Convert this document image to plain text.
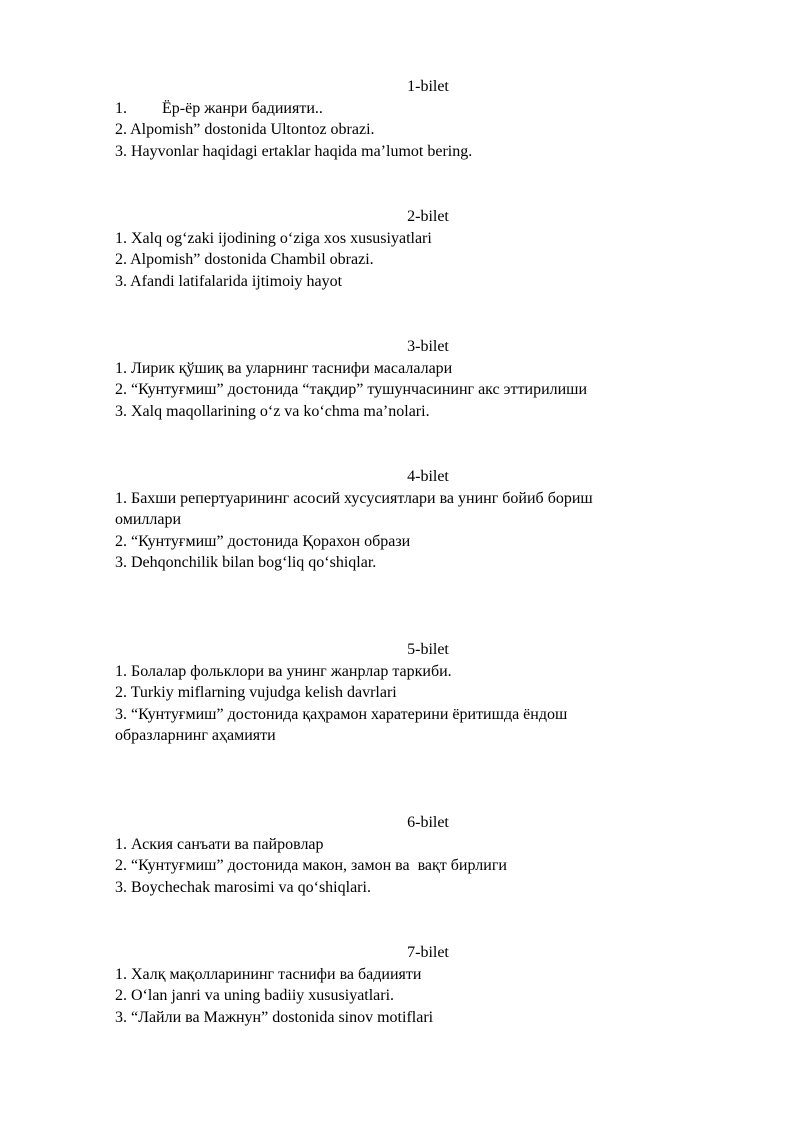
1-bilet

1. Ёр-ёр жанри бадиияти..

2. Alpomish” dostonida Ultontoz obrazi.

3. Hayvonlar haqidagi ertaklar haqida ma’lumot bering.

2-bilet

1. Xalq og‘zaki ijodining o‘ziga xos xususiyatlari

2. Alpomish” dostonida Chambil obrazi.

3. Afandi latifalarida ijtimoiy hayot

3-bilet

1. Лирик қўшиқ ва уларнинг таснифи масалалари

2. “Кунтуғмиш” достонида “тақдир” тушунчасининг акс эттирилиши

3. Xalq maqollarining o‘z va ko‘chma ma’nolari.

4-bilet

1. Бахши репертуарининг асосий хусусиятлари ва унинг бойиб бориш

омиллари

2. “Кунтуғмиш” достонида Қорахон образи

3. Dehqonchilik bilan bog‘liq qo‘shiqlar.

5-bilet

1. Болалар фольклори ва унинг жанрлар таркиби.

2. Turkiy miflarning vujudga kelish davrlari

3. “Кунтуғмиш” достонида қаҳрамон харатерини ёритишда ёндош

образларнинг аҳамияти

6-bilet

1. Аския санъати ва пайровлар

2. “Кунтуғмиш” достонида макон, замон ва  вақт бирлиги

3. Boychechak marosimi va qo‘shiqlari.

7-bilet

1. Халқ мақолларининг таснифи ва бадиияти

2. O‘lan janri va uning badiiy xususiyatlari.

3. “Лайли ва Мажнун” dostonida sinov motiflari
